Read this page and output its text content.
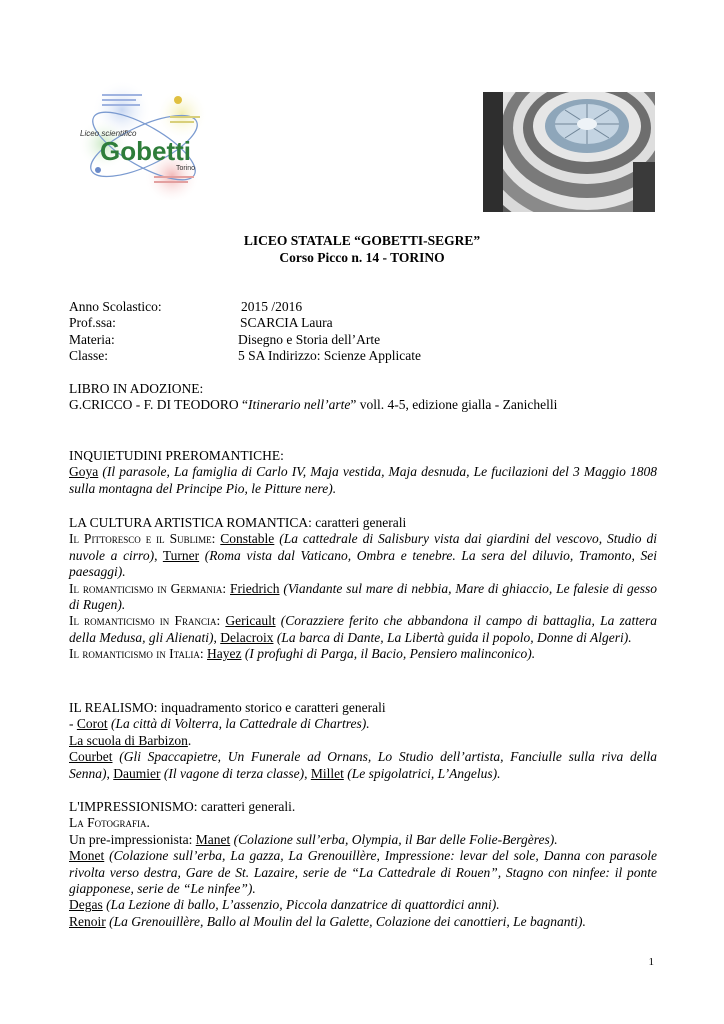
Liceo scientifico
Gobetti
Torino
LICEO STATALE “GOBETTI-SEGRE”
Corso Picco n. 14 - TORINO
Anno Scolastico:	2015 /2016
Prof.ssa:	SCARCIA Laura
Materia:	Disegno e Storia dell’Arte
Classe:	5 SA Indirizzo: Scienze Applicate
LIBRO IN ADOZIONE:
G.CRICCO - F. DI TEODORO “Itinerario nell’arte” voll. 4-5, edizione gialla - Zanichelli
INQUIETUDINI PREROMANTICHE:
Goya (Il parasole, La famiglia di Carlo IV, Maja vestida, Maja desnuda, Le fucilazioni del 3 Maggio 1808 sulla montagna del Principe Pio, le Pitture nere).
LA CULTURA ARTISTICA ROMANTICA: caratteri generali
Il Pittoresco e il Sublime: Constable (La cattedrale di Salisbury vista dai giardini del vescovo, Studio di nuvole a cirro), Turner (Roma vista dal Vaticano, Ombra e tenebre. La sera del diluvio, Tramonto, Sei paesaggi).
Il romanticismo in Germania: Friedrich (Viandante sul mare di nebbia, Mare di ghiaccio, Le falesie di gesso di Rugen).
Il romanticismo in Francia: Gericault (Corazziere ferito che abbandona il campo di battaglia, La zattera della Medusa, gli Alienati), Delacroix (La barca di Dante, La Libertà guida il popolo, Donne di Algeri).
Il romanticismo in Italia: Hayez (I profughi di Parga, il Bacio, Pensiero malinconico).
IL REALISMO: inquadramento storico e caratteri generali
- Corot (La città di Volterra, la Cattedrale di Chartres).
La scuola di Barbizon.
Courbet (Gli Spaccapietre, Un Funerale ad Ornans, Lo Studio dell’artista, Fanciulle sulla riva della Senna), Daumier (Il vagone di terza classe), Millet (Le spigolatrici, L’Angelus).
L'IMPRESSIONISMO: caratteri generali.
La Fotografia.
Un pre-impressionista: Manet (Colazione sull’erba, Olympia, il Bar delle Folie-Bergères).
Monet (Colazione sull’erba, La gazza, La Grenouillère, Impressione: levar del sole, Danna con parasole rivolta verso destra, Gare de St. Lazaire, serie de “La Cattedrale di Rouen”, Stagno con ninfee: il ponte giapponese, serie de “Le ninfee”).
Degas (La Lezione di ballo, L’assenzio, Piccola danzatrice di quattordici anni).
Renoir (La Grenouillère, Ballo al Moulin del la Galette, Colazione dei canottieri, Le bagnanti).
1
